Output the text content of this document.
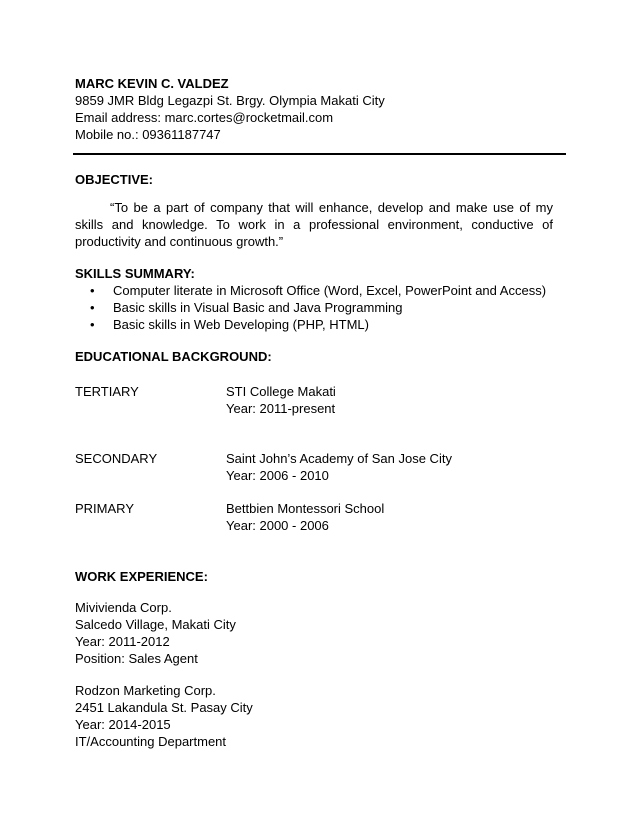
MARC KEVIN C. VALDEZ
9859 JMR Bldg Legazpi St. Brgy. Olympia Makati City
Email address: marc.cortes@rocketmail.com
Mobile no.: 09361187747
OBJECTIVE:
“To be a part of company that will enhance, develop and make use of my skills and knowledge. To work in a professional environment, conductive of productivity and continuous growth.”
SKILLS SUMMARY:
• Computer literate in Microsoft Office (Word, Excel, PowerPoint and Access)
• Basic skills in Visual Basic and Java Programming
• Basic skills in Web Developing (PHP, HTML)
EDUCATIONAL BACKGROUND:
TERTIARY	STI College Makati
Year: 2011-present
SECONDARY	Saint John’s Academy of San Jose City
Year: 2006 - 2010
PRIMARY	Bettbien Montessori School
Year: 2000 - 2006
WORK EXPERIENCE:
Mivivienda Corp.
Salcedo Village, Makati City
Year: 2011-2012
Position: Sales Agent
Rodzon Marketing Corp.
2451 Lakandula St. Pasay City
Year: 2014-2015
IT/Accounting Department
